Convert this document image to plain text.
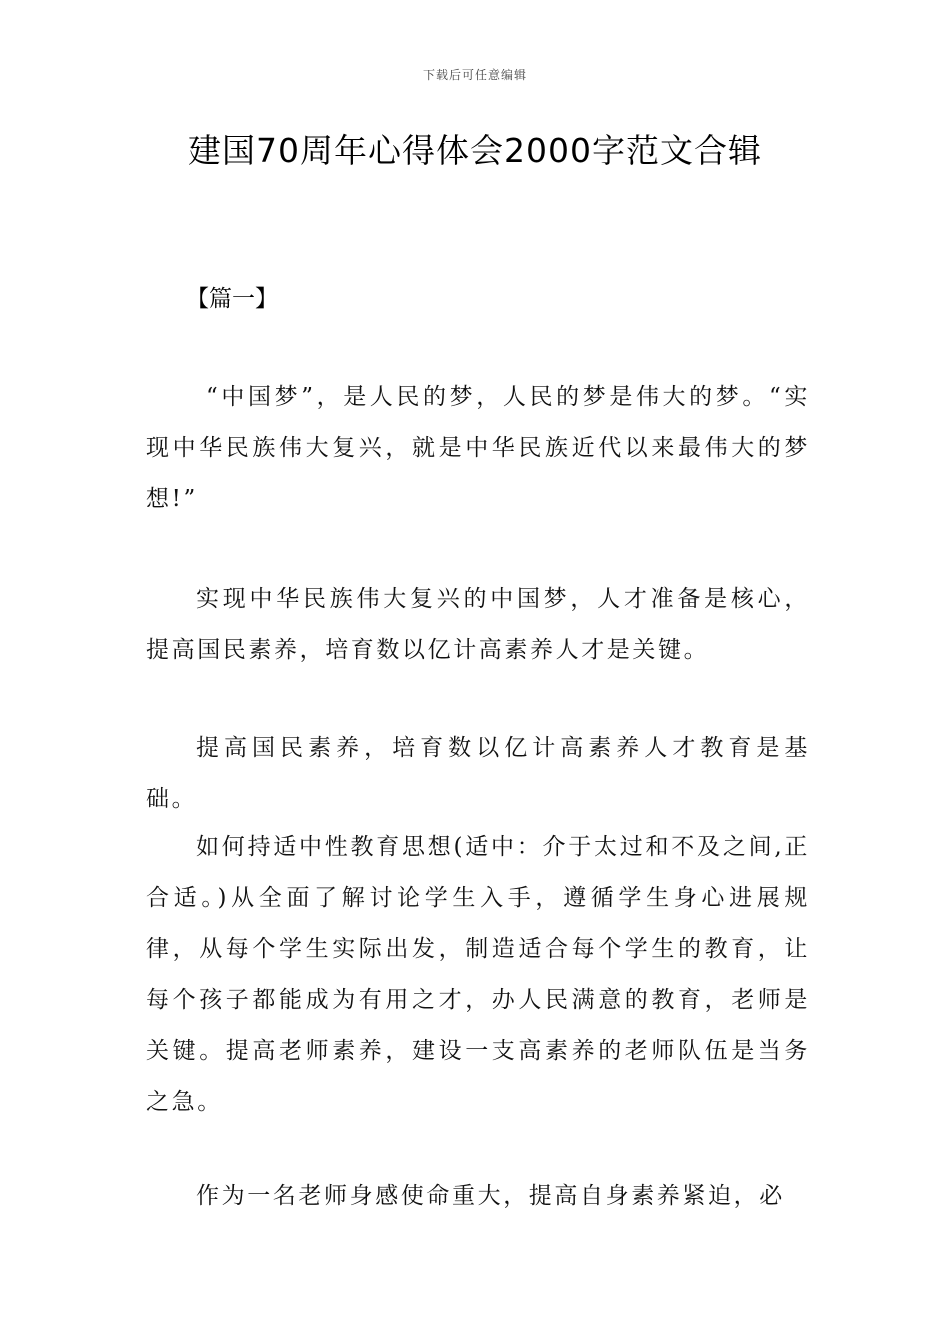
下载后可任意编辑
建国70周年心得体会2000字范文合辑
【篇一】

“中国梦”，是人民的梦，人民的梦是伟大的梦。“实现中华民族伟大复兴，就是中华民族近代以来最伟大的梦想!”

实现中华民族伟大复兴的中国梦，人才准备是核心，提高国民素养，培育数以亿计高素养人才是关键。

提高国民素养，培育数以亿计高素养人才教育是基础。

如何持适中性教育思想(适中：介于太过和不及之间,正合适。)从全面了解讨论学生入手，遵循学生身心进展规律，从每个学生实际出发，制造适合每个学生的教育，让每个孩子都能成为有用之才，办人民满意的教育，老师是关键。提高老师素养，建设一支高素养的老师队伍是当务之急。

作为一名老师身感使命重大，提高自身素养紧迫，必
